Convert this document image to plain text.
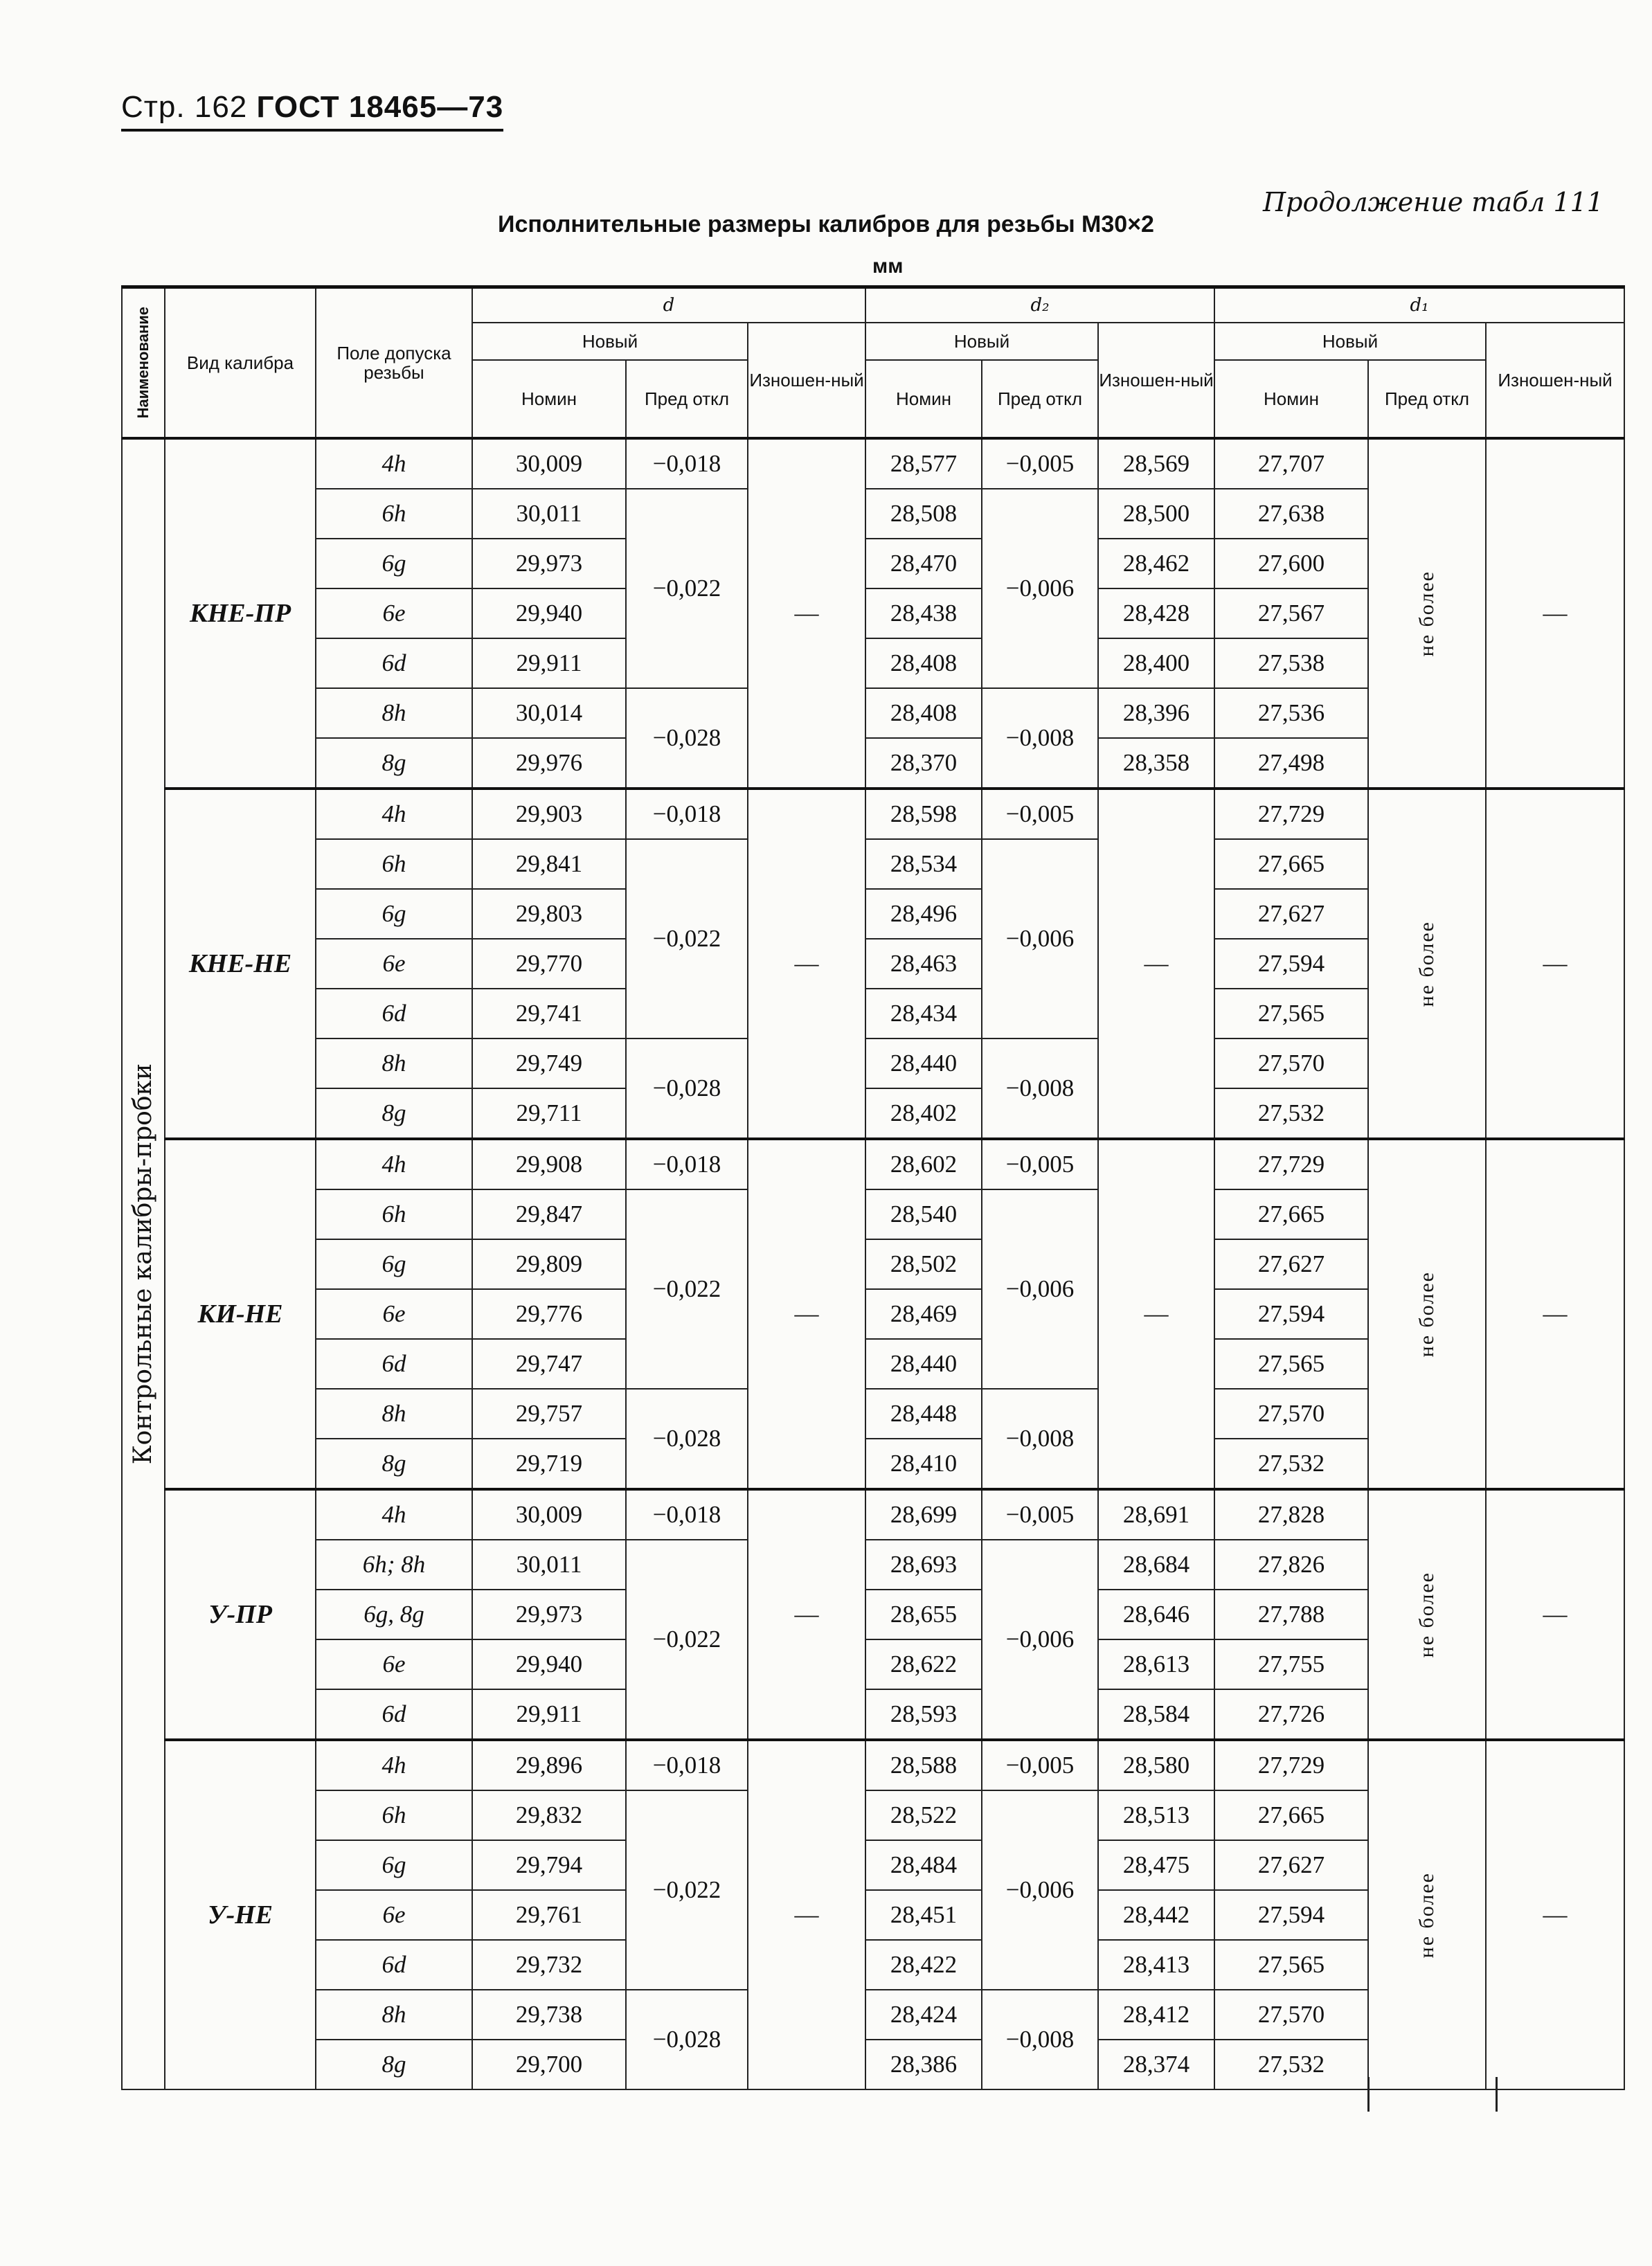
Стр. 162 ГОСТ 18465—73
Продолжение табл 111
Исполнительные размеры калибров для резьбы М30×2
мм
Наименование	Вид калибра	Поле допуска резьбы	d			d₂			d₁		
			Новый		Изношен-ный	Новый		Изношен-ный	Новый		Изношен-ный
			Номин	Пред откл		Номин	Пред откл		Номин	Пред откл	

Контрольные калибры-пробки	КНЕ-ПР	4h	30,009	−0,018	—	28,577	−0,005	28,569	27,707	не более	—
		6h	30,011	−0,022		28,508	−0,006	28,500	27,638		
		6g	29,973			28,470		28,462	27,600		
		6e	29,940			28,438		28,428	27,567		
		6d	29,911			28,408		28,400	27,538		
		8h	30,014	−0,028		28,408	−0,008	28,396	27,536		
		8g	29,976			28,370		28,358	27,498		
	КНЕ-НЕ	4h	29,903	−0,018	—	28,598	−0,005	—	27,729	не более	—
		6h	29,841	−0,022		28,534	−0,006		27,665		
		6g	29,803			28,496			27,627		
		6e	29,770			28,463			27,594		
		6d	29,741			28,434			27,565		
		8h	29,749	−0,028		28,440	−0,008		27,570		
		8g	29,711			28,402			27,532		
	КИ-НЕ	4h	29,908	−0,018	—	28,602	−0,005	—	27,729	не более	—
		6h	29,847	−0,022		28,540	−0,006		27,665		
		6g	29,809			28,502			27,627		
		6e	29,776			28,469			27,594		
		6d	29,747			28,440			27,565		
		8h	29,757	−0,028		28,448	−0,008		27,570		
		8g	29,719			28,410			27,532		
	У-ПР	4h	30,009	−0,018	—	28,699	−0,005	28,691	27,828	не более	—
		6h; 8h	30,011	−0,022		28,693	−0,006	28,684	27,826		
		6g, 8g	29,973			28,655		28,646	27,788		
		6e	29,940			28,622		28,613	27,755		
		6d	29,911			28,593		28,584	27,726		
	У-НЕ	4h	29,896	−0,018	—	28,588	−0,005	28,580	27,729	не более	—
		6h	29,832	−0,022		28,522	−0,006	28,513	27,665		
		6g	29,794			28,484		28,475	27,627		
		6e	29,761			28,451		28,442	27,594		
		6d	29,732			28,422		28,413	27,565		
		8h	29,738	−0,028		28,424	−0,008	28,412	27,570		
		8g	29,700			28,386		28,374	27,532		
